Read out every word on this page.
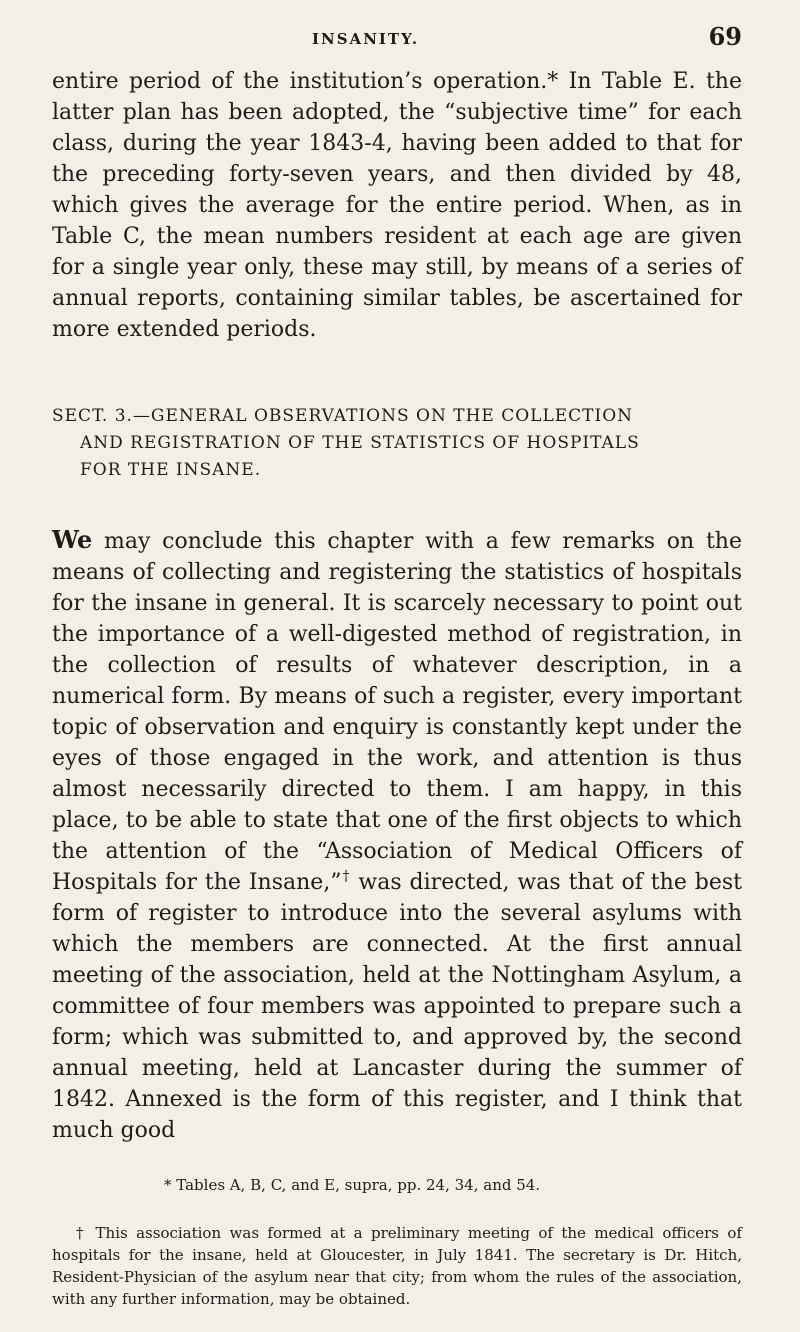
INSANITY.	69

entire period of the institution’s operation.* In Table E. the latter plan has been adopted, the “subjective time” for each class, during the year 1843-4, having been added to that for the preceding forty-seven years, and then divided by 48, which gives the average for the entire period. When, as in Table C, the mean numbers resident at each age are given for a single year only, these may still, by means of a series of annual reports, containing similar tables, be ascertained for more extended periods.

SECT. 3.—GENERAL OBSERVATIONS ON THE COLLECTION
AND REGISTRATION OF THE STATISTICS OF HOSPITALS
FOR THE INSANE.

We may conclude this chapter with a few remarks on the means of collecting and registering the statistics of hospitals for the insane in general. It is scarcely necessary to point out the importance of a well-digested method of registration, in the collection of results of whatever description, in a numerical form. By means of such a register, every important topic of observation and enquiry is constantly kept under the eyes of those engaged in the work, and attention is thus almost necessarily directed to them. I am happy, in this place, to be able to state that one of the first objects to which the attention of the “Association of Medical Officers of Hospitals for the Insane,”† was directed, was that of the best form of register to introduce into the several asylums with which the members are connected. At the first annual meeting of the association, held at the Nottingham Asylum, a committee of four members was appointed to prepare such a form; which was submitted to, and approved by, the second annual meeting, held at Lancaster during the summer of 1842. Annexed is the form of this register, and I think that much good

* Tables A, B, C, and E, supra, pp. 24, 34, and 54.
† This association was formed at a preliminary meeting of the medical officers of hospitals for the insane, held at Gloucester, in July 1841. The secretary is Dr. Hitch, Resident-Physician of the asylum near that city; from whom the rules of the association, with any further information, may be obtained.
